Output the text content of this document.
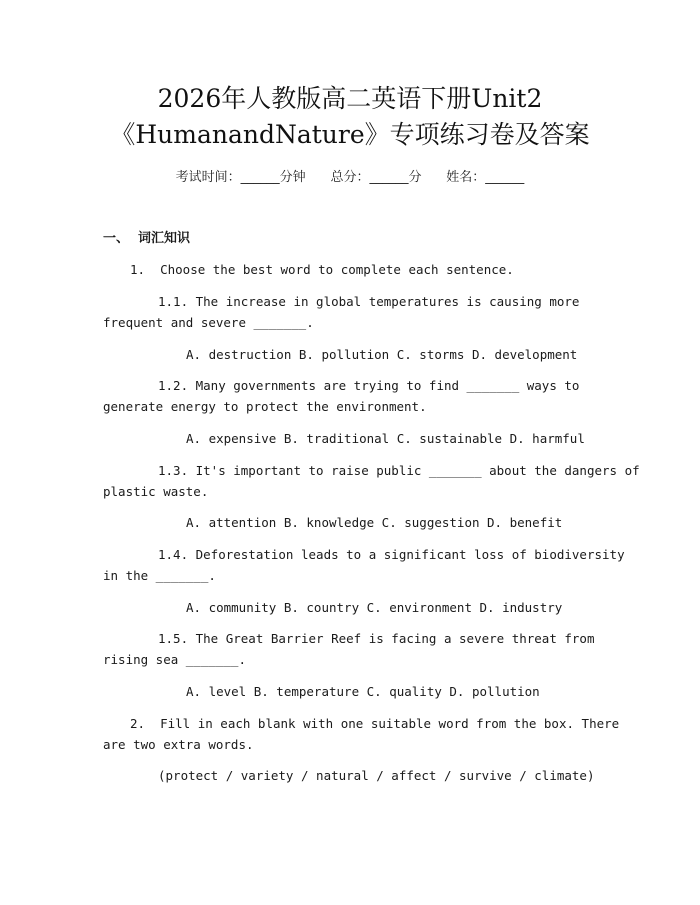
2026年人教版高二英语下册Unit2
《HumanandNature》专项练习卷及答案
考试时间：______分钟 总分：______分 姓名：______
一、  词汇知识
1.  Choose the best word to complete each sentence.
1.1. The increase in global temperatures is causing more
frequent and severe _______.
A. destruction B. pollution C. storms D. development
1.2. Many governments are trying to find _______ ways to
generate energy to protect the environment.
A. expensive B. traditional C. sustainable D. harmful
1.3. It's important to raise public _______ about the dangers of
plastic waste.
A. attention B. knowledge C. suggestion D. benefit
1.4. Deforestation leads to a significant loss of biodiversity
in the _______.
A. community B. country C. environment D. industry
1.5. The Great Barrier Reef is facing a severe threat from
rising sea _______.
A. level B. temperature C. quality D. pollution
2.  Fill in each blank with one suitable word from the box. There
are two extra words.
(protect / variety / natural / affect / survive / climate)
